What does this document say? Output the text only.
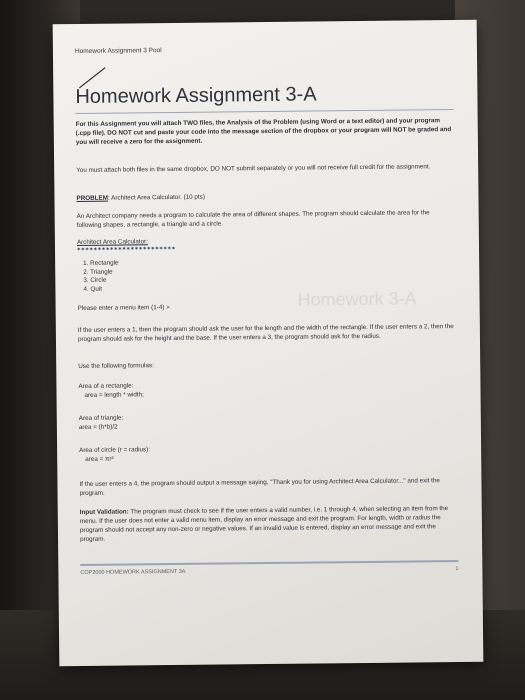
Homework Assignment 3 Pool
Homework 3-A
Homework Assignment 3-A
For this Assignment you will attach TWO files, the Analysis of the Problem (using Word or a text editor) and your program (.cpp file). DO NOT cut and paste your code into the message section of the dropbox or your program will NOT be graded and you will receive a zero for the assignment.
You must attach both files in the same dropbox, DO NOT submit separately or you will not receive full credit for the assignment.
PROBLEM: Architect Area Calculator. (10 pts)
An Architect company needs a program to calculate the area of different shapes. The program should calculate the area for the following shapes, a rectangle, a triangle and a circle.
Architect Area Calculator:
************************
1. Rectangle
2. Triangle
3. Circle
4. Quit
Please enter a menu item (1-4) >
If the user enters a 1, then the program should ask the user for the length and the width of the rectangle. If the user enters a 2, then the program should ask for the height and the base. If the user enters a 3, the program should ask for the radius.
Use the following formulas:
Area of a rectangle:
area = length * width;
Area of triangle:
area = (h*b)/2
Area of circle (r = radius):
area = πr²
If the user enters a 4, the program should output a message saying, "Thank you for using Architect Area Calculator..." and exit the program.
Input Validation: The program must check to see if the user enters a valid number, i.e. 1 through 4, when selecting an item from the menu. If the user does not enter a valid menu item, display an error message and exit the program. For length, width or radius the program should not accept any non-zero or negative values. If an invalid value is entered, display an error message and exit the program.
COP2000 HOMEWORK ASSIGNMENT 3A	1
